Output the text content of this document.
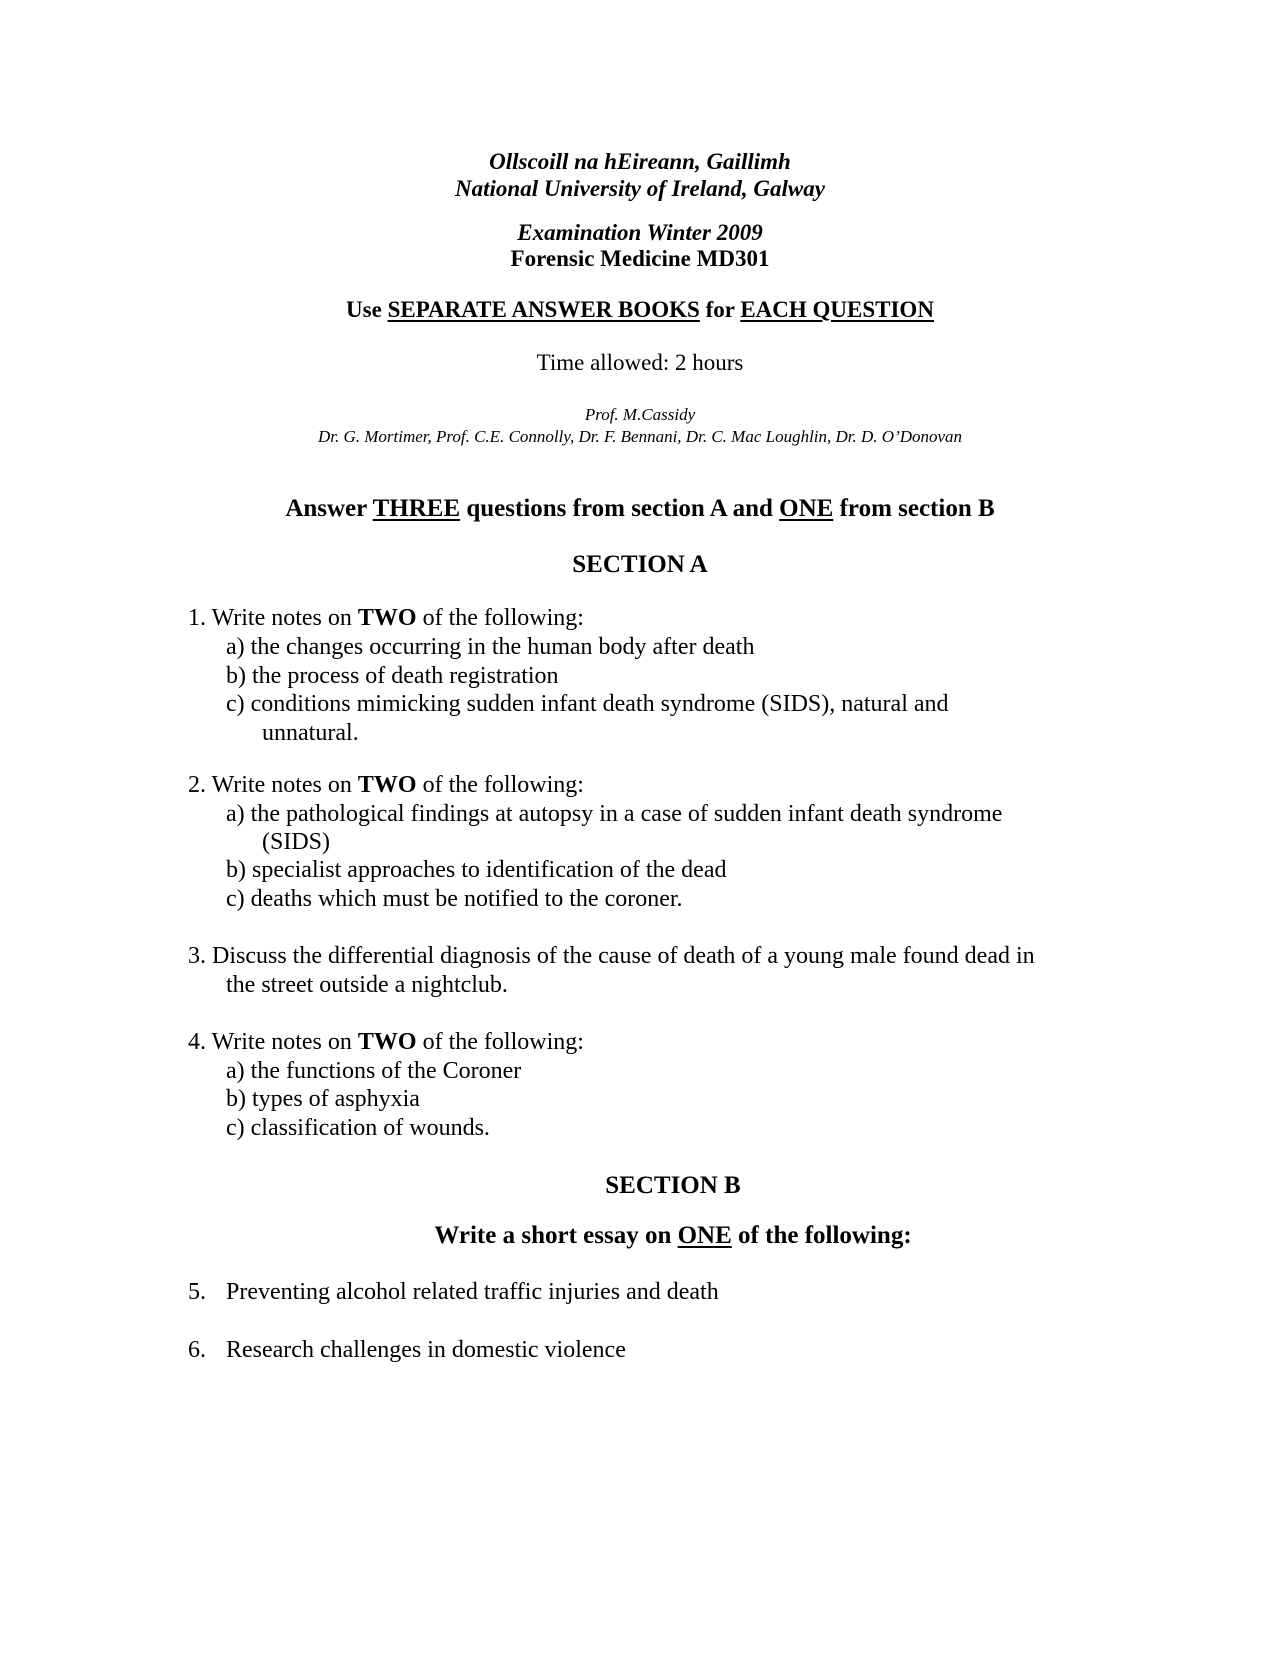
Ollscoill na hEireann, Gaillimh
National University of Ireland, Galway
Examination Winter 2009
Forensic Medicine MD301
Use SEPARATE ANSWER BOOKS for EACH QUESTION
Time allowed: 2 hours
Prof. M.Cassidy
Dr. G. Mortimer, Prof. C.E. Connolly, Dr. F. Bennani, Dr. C. Mac Loughlin, Dr. D. O’Donovan
Answer THREE questions from section A and ONE from section B
SECTION A
1. Write notes on TWO of the following:
a) the changes occurring in the human body after death
b) the process of death registration
c) conditions mimicking sudden infant death syndrome (SIDS), natural and
unnatural.
2. Write notes on TWO of the following:
a) the pathological findings at autopsy in a case of sudden infant death syndrome
(SIDS)
b) specialist approaches to identification of the dead
c) deaths which must be notified to the coroner.
3. Discuss the differential diagnosis of the cause of death of a young male found dead in
the street outside a nightclub.
4. Write notes on TWO of the following:
a) the functions of the Coroner
b) types of asphyxia
c) classification of wounds.
SECTION B
Write a short essay on ONE of the following:
5. Preventing alcohol related traffic injuries and death
6. Research challenges in domestic violence
